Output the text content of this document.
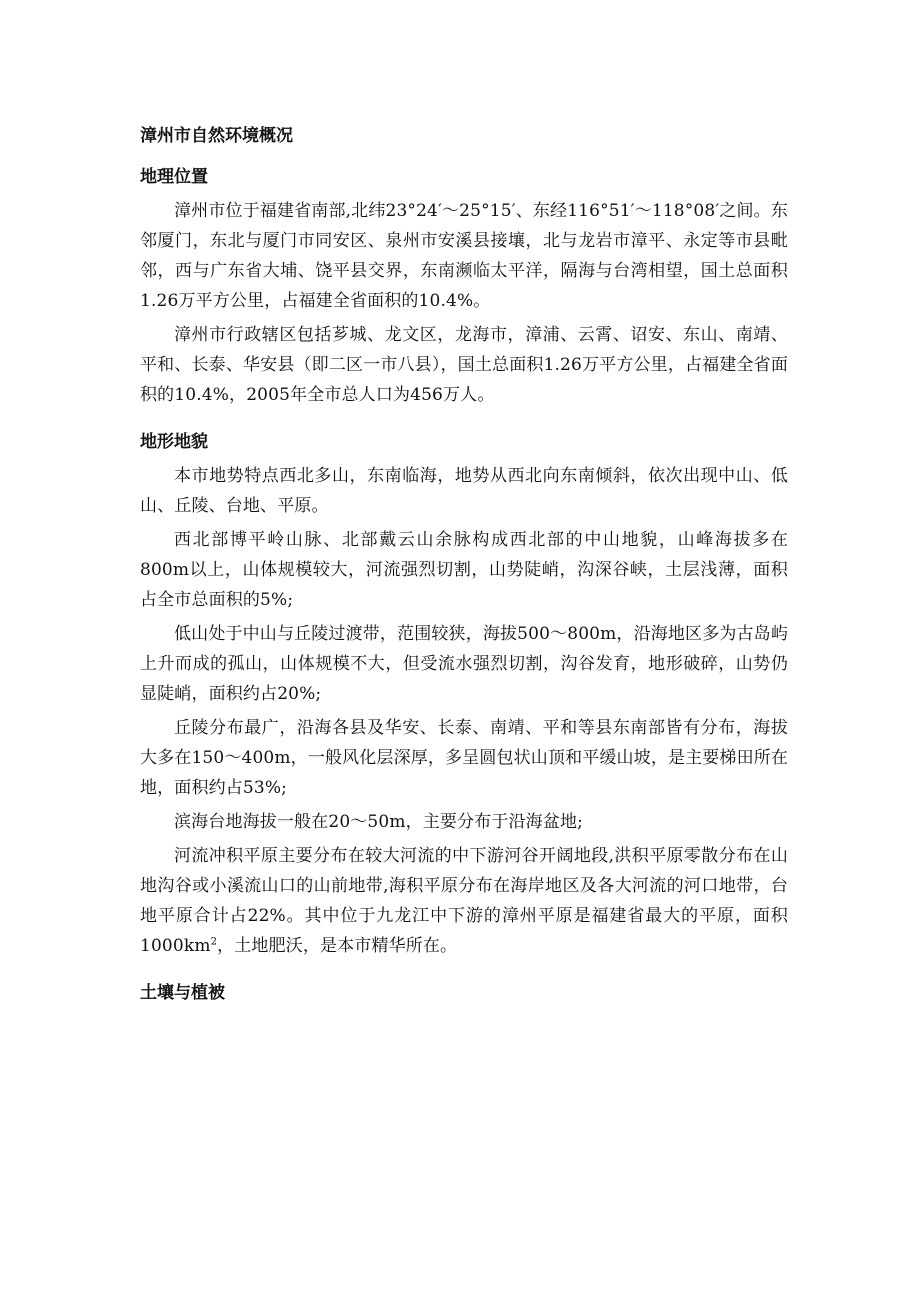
漳州市自然环境概况
地理位置

漳州市位于福建省南部,北纬23°24′～25°15′、东经116°51′～118°08′之间。东邻厦门，东北与厦门市同安区、泉州市安溪县接壤，北与龙岩市漳平、永定等市县毗邻，西与广东省大埔、饶平县交界，东南濒临太平洋，隔海与台湾相望，国土总面积1.26万平方公里，占福建全省面积的10.4%。

漳州市行政辖区包括芗城、龙文区，龙海市，漳浦、云霄、诏安、东山、南靖、平和、长泰、华安县（即二区一市八县），国土总面积1.26万平方公里，占福建全省面积的10.4%，2005年全市总人口为456万人。

地形地貌

本市地势特点西北多山，东南临海，地势从西北向东南倾斜，依次出现中山、低山、丘陵、台地、平原。

西北部博平岭山脉、北部戴云山余脉构成西北部的中山地貌，山峰海拔多在800m以上，山体规模较大，河流强烈切割，山势陡峭，沟深谷峡，土层浅薄，面积占全市总面积的5%;

低山处于中山与丘陵过渡带，范围较狭，海拔500～800m，沿海地区多为古岛屿上升而成的孤山，山体规模不大，但受流水强烈切割，沟谷发育，地形破碎，山势仍显陡峭，面积约占20%;

丘陵分布最广，沿海各县及华安、长泰、南靖、平和等县东南部皆有分布，海拔大多在150～400m，一般风化层深厚，多呈圆包状山顶和平缓山坡，是主要梯田所在地，面积约占53%;

滨海台地海拔一般在20～50m，主要分布于沿海盆地;

河流冲积平原主要分布在较大河流的中下游河谷开阔地段,洪积平原零散分布在山地沟谷或小溪流山口的山前地带,海积平原分布在海岸地区及各大河流的河口地带，台地平原合计占22%。其中位于九龙江中下游的漳州平原是福建省最大的平原，面积$1000km^2$，土地肥沃，是本市精华所在。

土壤与植被
